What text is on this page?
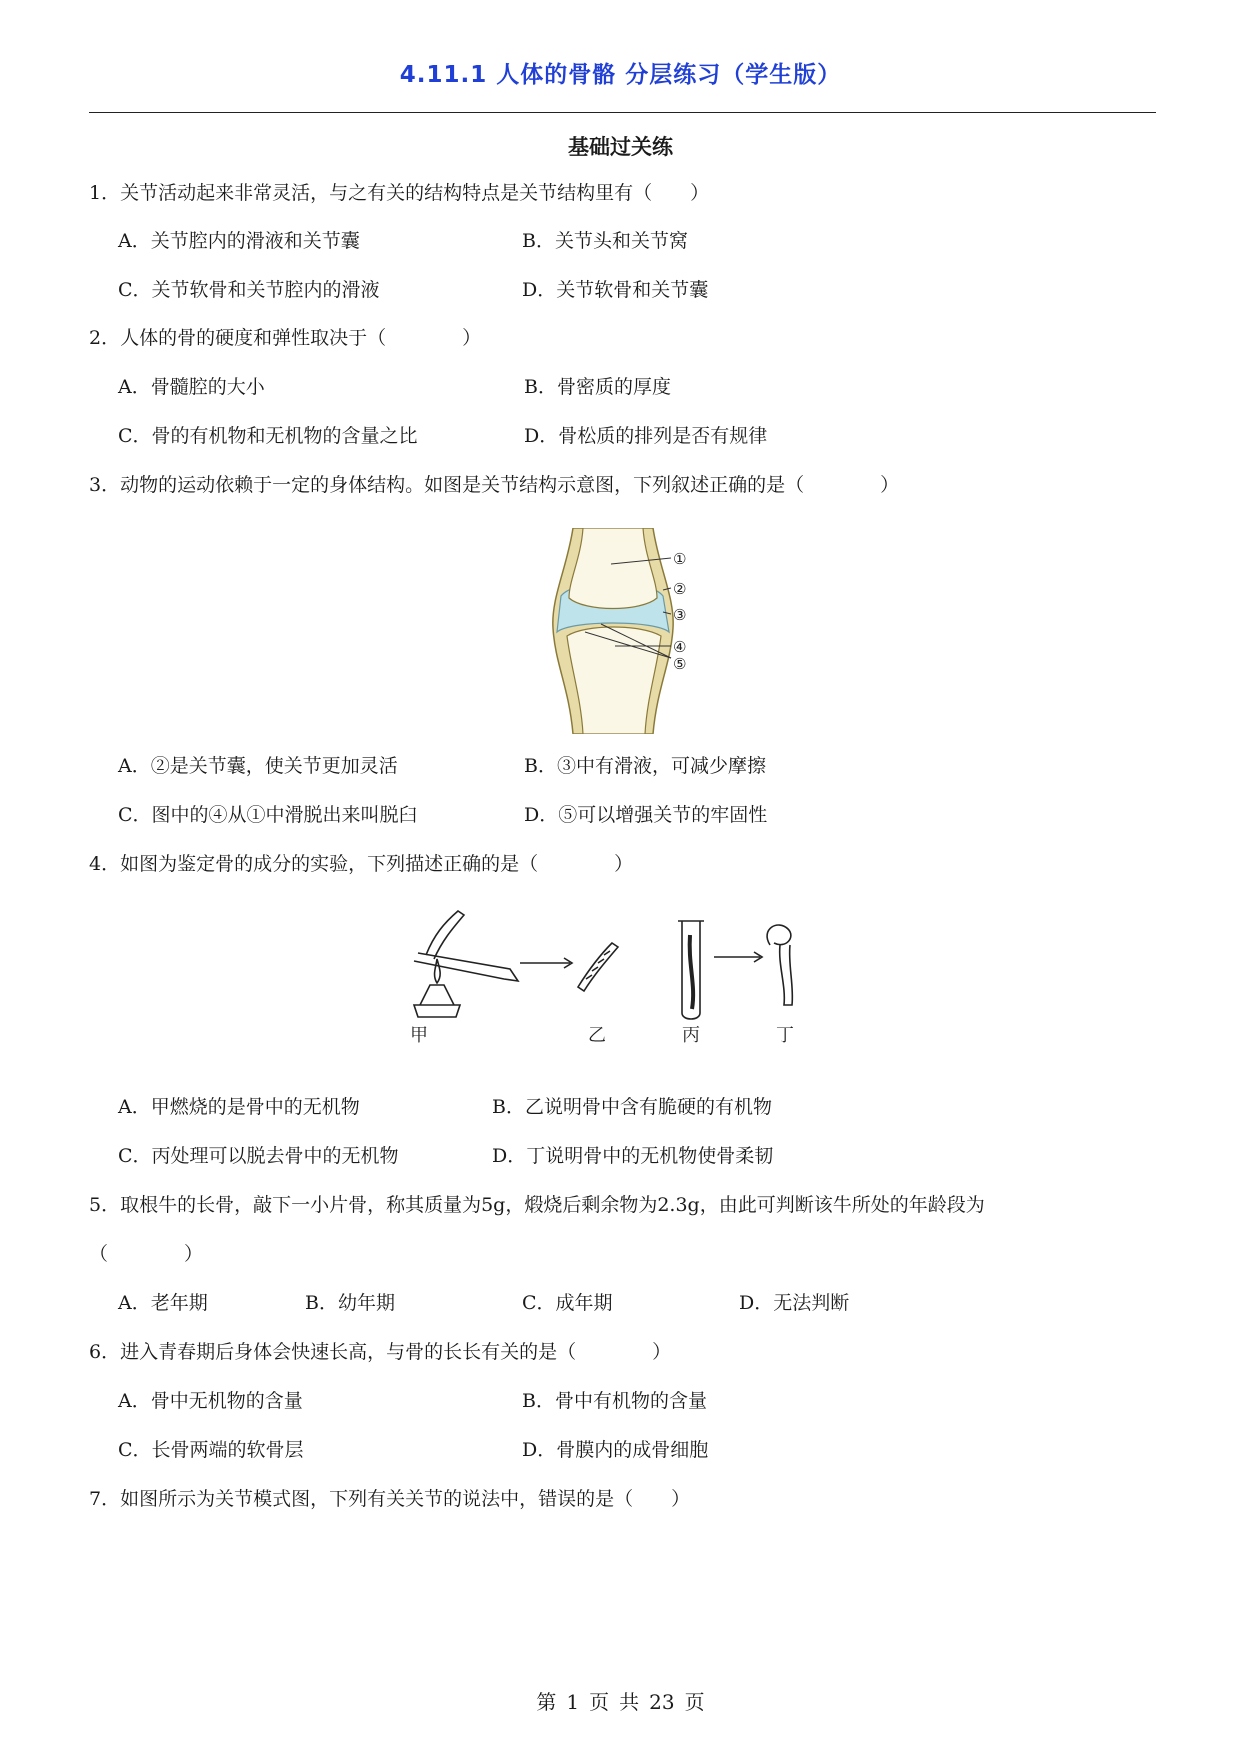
4.11.1 人体的骨骼 分层练习（学生版）
基础过关练
1．关节活动起来非常灵活，与之有关的结构特点是关节结构里有（　　）
A．关节腔内的滑液和关节囊	B．关节头和关节窝
C．关节软骨和关节腔内的滑液	D．关节软骨和关节囊
2．人体的骨的硬度和弹性取决于（　　　　）
A．骨髓腔的大小	B．骨密质的厚度
C．骨的有机物和无机物的含量之比	D．骨松质的排列是否有规律
3．动物的运动依赖于一定的身体结构。如图是关节结构示意图，下列叙述正确的是（　　　　）
①
②
③
④
⑤
A．②是关节囊，使关节更加灵活	B．③中有滑液，可减少摩擦
C．图中的④从①中滑脱出来叫脱臼	D．⑤可以增强关节的牢固性
4．如图为鉴定骨的成分的实验，下列描述正确的是（　　　　）
甲	乙	丙	丁
A．甲燃烧的是骨中的无机物	B．乙说明骨中含有脆硬的有机物
C．丙处理可以脱去骨中的无机物	D．丁说明骨中的无机物使骨柔韧
5．取根牛的长骨，敲下一小片骨，称其质量为5g，煅烧后剩余物为2.3g，由此可判断该牛所处的年龄段为
（　　　　）
A．老年期	B．幼年期	C．成年期	D．无法判断
6．进入青春期后身体会快速长高，与骨的长长有关的是（　　　　）
A．骨中无机物的含量	B．骨中有机物的含量
C．长骨两端的软骨层	D．骨膜内的成骨细胞
7．如图所示为关节模式图，下列有关关节的说法中，错误的是（　　）
第 1 页 共 23 页
